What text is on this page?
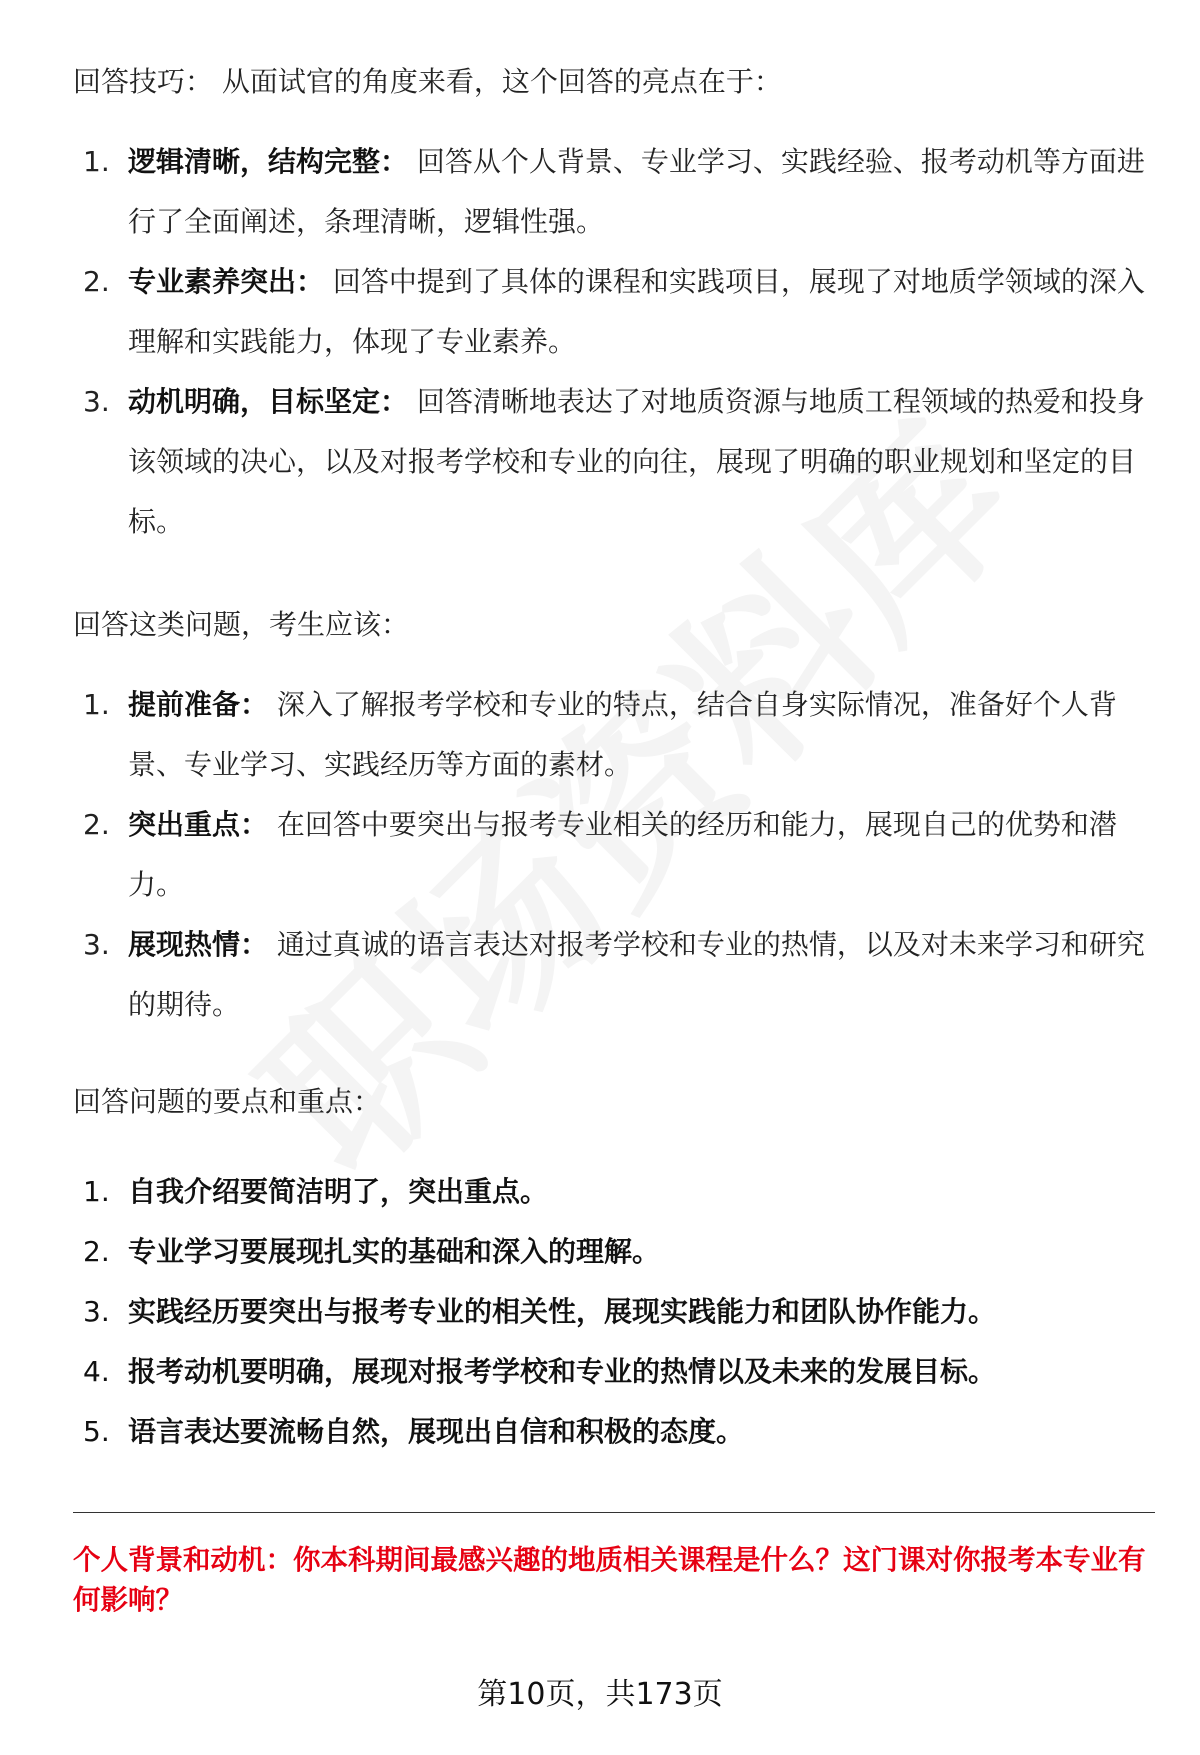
回答技巧： 从面试官的角度来看，这个回答的亮点在于：

1. 逻辑清晰，结构完整： 回答从个人背景、专业学习、实践经验、报考动机等方面进行了全面阐述，条理清晰，逻辑性强。
2. 专业素养突出： 回答中提到了具体的课程和实践项目，展现了对地质学领域的深入理解和实践能力，体现了专业素养。
3. 动机明确，目标坚定： 回答清晰地表达了对地质资源与地质工程领域的热爱和投身该领域的决心，以及对报考学校和专业的向往，展现了明确的职业规划和坚定的目标。

回答这类问题，考生应该：

1. 提前准备： 深入了解报考学校和专业的特点，结合自身实际情况，准备好个人背景、专业学习、实践经历等方面的素材。
2. 突出重点： 在回答中要突出与报考专业相关的经历和能力，展现自己的优势和潜力。
3. 展现热情： 通过真诚的语言表达对报考学校和专业的热情，以及对未来学习和研究的期待。

回答问题的要点和重点：

1. 自我介绍要简洁明了，突出重点。
2. 专业学习要展现扎实的基础和深入的理解。
3. 实践经历要突出与报考专业的相关性，展现实践能力和团队协作能力。
4. 报考动机要明确，展现对报考学校和专业的热情以及未来的发展目标。
5. 语言表达要流畅自然，展现出自信和积极的态度。

个人背景和动机：你本科期间最感兴趣的地质相关课程是什么？这门课对你报考本专业有何影响？

第10页，共173页
